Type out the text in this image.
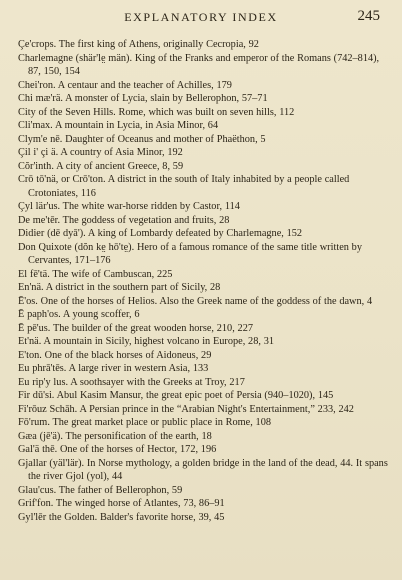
EXPLANATORY INDEX	245
Çe'crops. The first king of Athens, originally Cecropia, 92
Charlemagne (shär'le̤ män). King of the Franks and emperor of the Romans (742–814), 87, 150, 154
Chei'ron. A centaur and the teacher of Achilles, 179
Chi mæ'rä. A monster of Lycia, slain by Bellerophon, 57–71
City of the Seven Hills. Rome, which was built on seven hills, 112
Cli'max. A mountain in Lycia, in Asia Minor, 64
Clym'e nē. Daughter of Oceanus and mother of Phaëthon, 5
Çil i' çi ä. A country of Asia Minor, 192
Cŏr'inth. A city of ancient Greece, 8, 59
Crō tō'nä, or Crō'ton. A district in the south of Italy inhabited by a people called Crotoniates, 116
Çyl lär'us. The white war-horse ridden by Castor, 114
De me'tēr. The goddess of vegetation and fruits, 28
Didier (dē dyā'). A king of Lombardy defeated by Charlemagne, 152
Don Quixote (dŏn ke̤ hō'te̤). Hero of a famous romance of the same title written by Cervantes, 171–176
El fē'tä. The wife of Cambuscan, 225
En'nä. A district in the southern part of Sicily, 28
Ē'os. One of the horses of Helios. Also the Greek name of the goddess of the dawn, 4
Ē paph'os. A young scoffer, 6
Ē pē'us. The builder of the great wooden horse, 210, 227
Et'nä. A mountain in Sicily, highest volcano in Europe, 28, 31
E'ton. One of the black horses of Aidoneus, 29
Eu phrā'tēs. A large river in western Asia, 133
Eu rip'y lus. A soothsayer with the Greeks at Troy, 217
Fir dū'si. Abul Kasim Mansur, the great epic poet of Persia (940–1020), 145
Fi'rōuz Schāh. A Persian prince in the “Arabian Night's Entertainment,” 233, 242
Fō'rum. The great market place or public place in Rome, 108
Gæa (jē'ä). The personification of the earth, 18
Gal'ä thē. One of the horses of Hector, 172, 196
Gjallar (yäl'lär). In Norse mythology, a golden bridge in the land of the dead, 44. It spans the river Gjol (yol), 44
Glau'cus. The father of Bellerophon, 59
Grif'fon. The winged horse of Atlantes, 73, 86–91
Gyl'lēr the Golden. Balder's favorite horse, 39, 45
